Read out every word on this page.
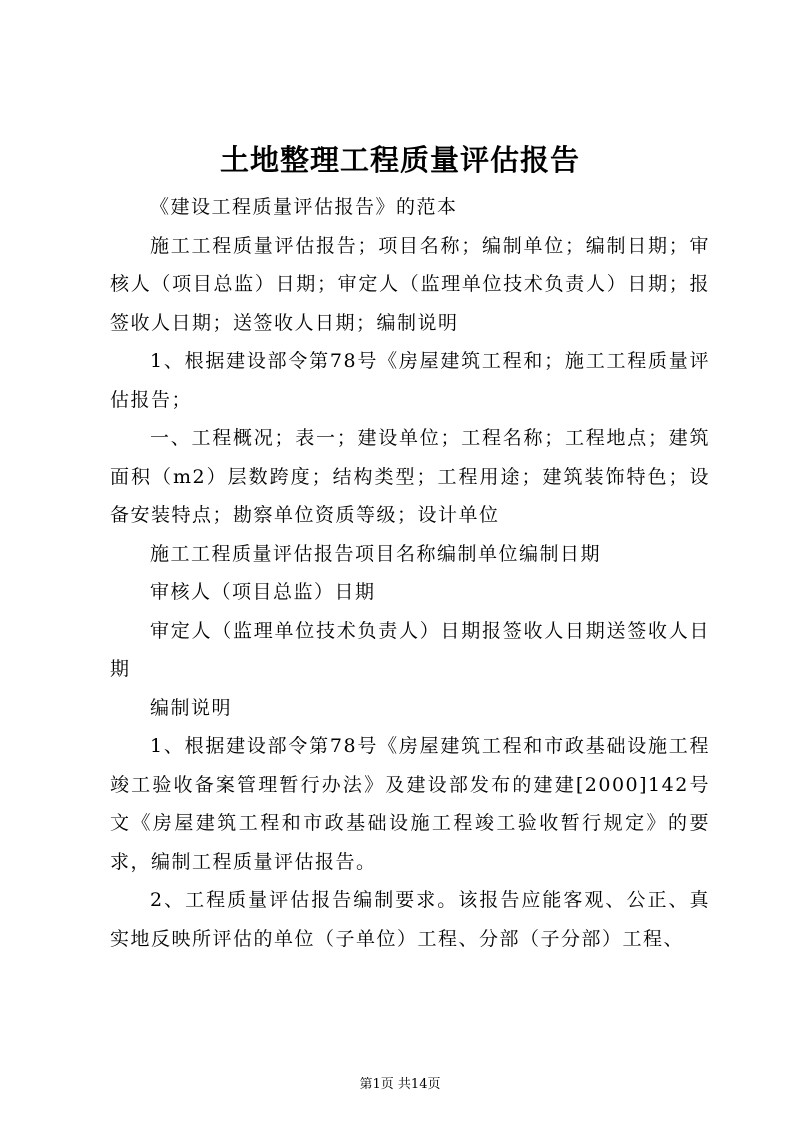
土地整理工程质量评估报告

《建设工程质量评估报告》的范本

施工工程质量评估报告；项目名称；编制单位；编制日期；审核人（项目总监）日期；审定人（监理单位技术负责人）日期；报签收人日期；送签收人日期；编制说明

1、根据建设部令第78号《房屋建筑工程和；施工工程质量评估报告；

一、工程概况；表一；建设单位；工程名称；工程地点；建筑面积（m2）层数跨度；结构类型；工程用途；建筑装饰特色；设备安装特点；勘察单位资质等级；设计单位

施工工程质量评估报告项目名称编制单位编制日期

审核人（项目总监）日期

审定人（监理单位技术负责人）日期报签收人日期送签收人日期

编制说明

1、根据建设部令第78号《房屋建筑工程和市政基础设施工程竣工验收备案管理暂行办法》及建设部发布的建建[2000]142号文《房屋建筑工程和市政基础设施工程竣工验收暂行规定》的要求，编制工程质量评估报告。

2、工程质量评估报告编制要求。该报告应能客观、公正、真实地反映所评估的单位（子单位）工程、分部（子分部）工程、

第1页 共14页
